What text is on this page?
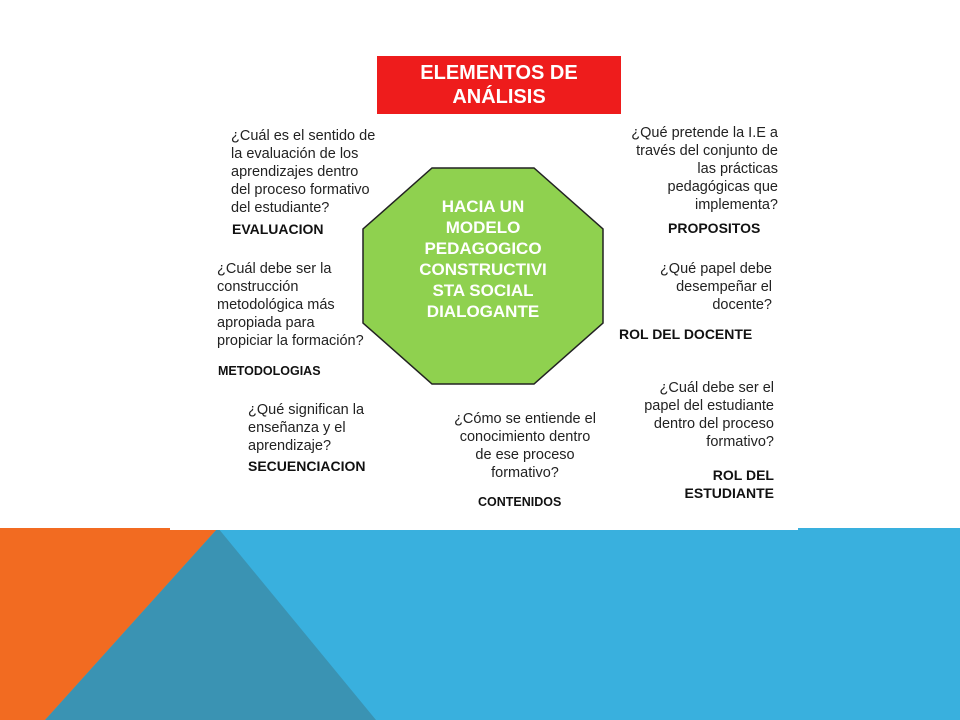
ELEMENTOS DE
ANÁLISIS
HACIA UN
MODELO
PEDAGOGICO
CONSTRUCTIVI
STA SOCIAL
DIALOGANTE
¿Cuál es el sentido de
la evaluación de los
aprendizajes dentro
del proceso formativo
del estudiante?
EVALUACION
¿Qué pretende la I.E a
través del conjunto de
las prácticas
pedagógicas que
implementa?
PROPOSITOS
¿Cuál debe ser la
construcción
metodológica más
apropiada para
propiciar la formación?
METODOLOGIAS
¿Qué papel debe
desempeñar el
docente?
ROL DEL DOCENTE
¿Qué significan la
enseñanza y el
aprendizaje?
SECUENCIACION
¿Cómo se entiende el
conocimiento dentro
de ese proceso
formativo?
CONTENIDOS
¿Cuál debe ser el
papel del estudiante
dentro del proceso
formativo?
ROL DEL
ESTUDIANTE
